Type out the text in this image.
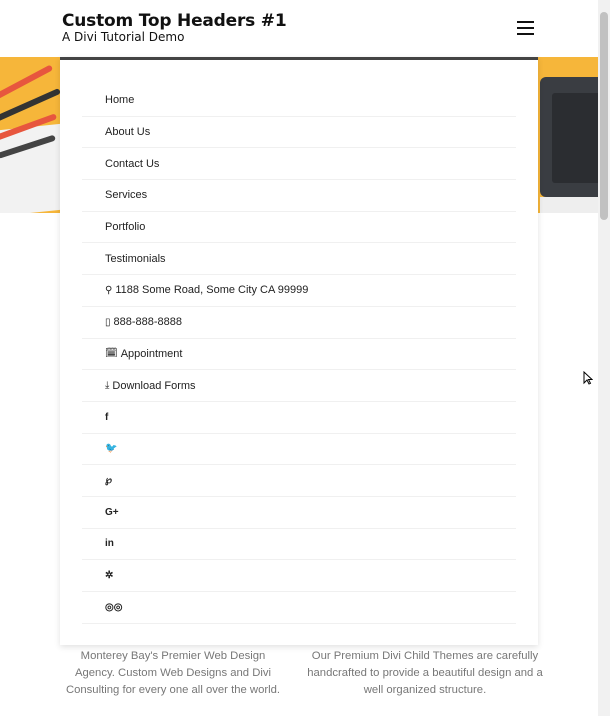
Custom Top Headers #1
A Divi Tutorial Demo
Monterey Bay's Premier Web Design Agency. Custom Web Designs and Divi Consulting for every one all over the world.
Our Premium Divi Child Themes are carefully handcrafted to provide a beautiful design and a well organized structure.
Home
About Us
Contact Us
Services
Portfolio
Testimonials
⚲ 1188 Some Road, Some City CA 99999
▯ 888-888-8888
🗓 Appointment
⤓ Download Forms
f
🐦
℘
G+
in
✲
◎◎
